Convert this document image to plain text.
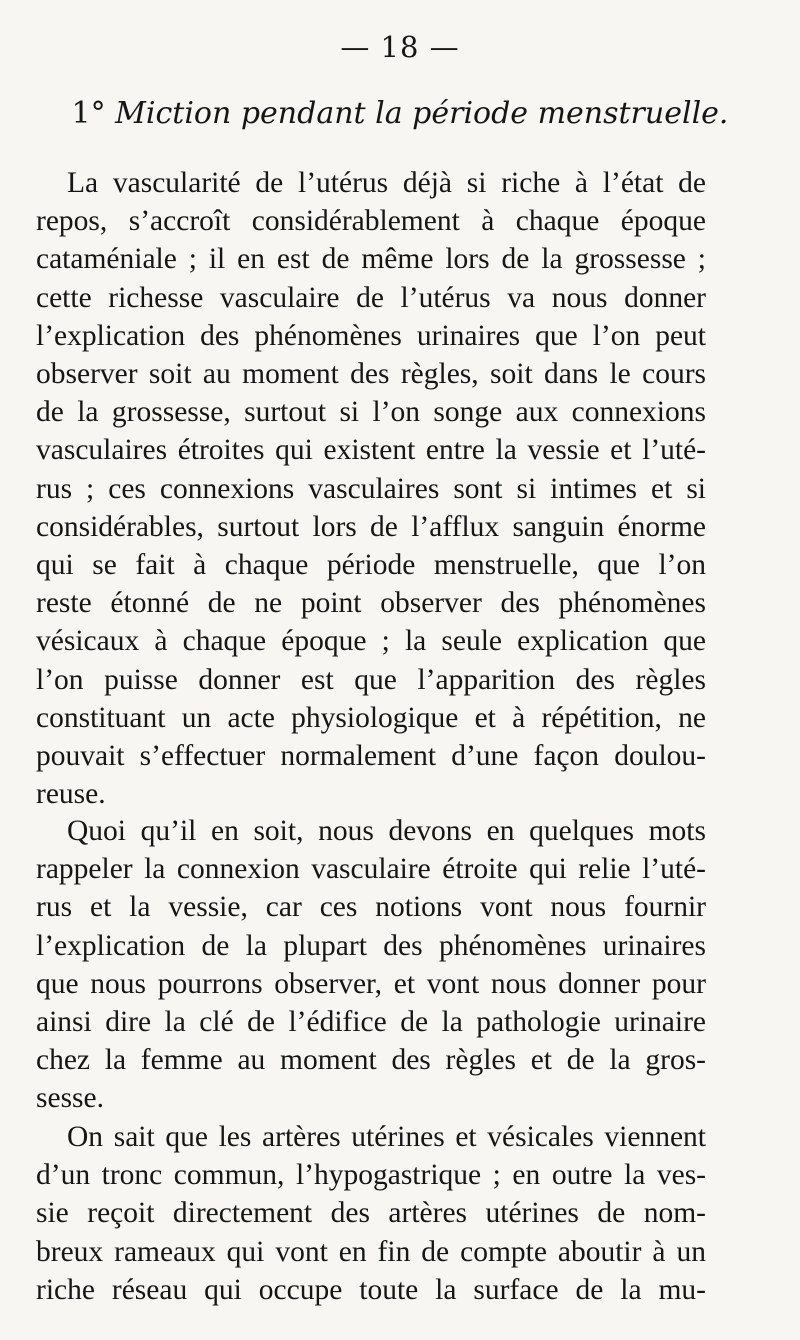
— 18 —
1° Miction pendant la période menstruelle.
La vascularité de l’utérus déjà si riche à l’état de
repos, s’accroît considérablement à chaque époque
cataméniale ; il en est de même lors de la grossesse ;
cette richesse vasculaire de l’utérus va nous donner
l’explication des phénomènes urinaires que l’on peut
observer soit au moment des règles, soit dans le cours
de la grossesse, surtout si l’on songe aux connexions
vasculaires étroites qui existent entre la vessie et l’uté-
rus ; ces connexions vasculaires sont si intimes et si
considérables, surtout lors de l’afflux sanguin énorme
qui se fait à chaque période menstruelle, que l’on
reste étonné de ne point observer des phénomènes
vésicaux à chaque époque ; la seule explication que
l’on puisse donner est que l’apparition des règles
constituant un acte physiologique et à répétition, ne
pouvait s’effectuer normalement d’une façon doulou-
reuse.
Quoi qu’il en soit, nous devons en quelques mots
rappeler la connexion vasculaire étroite qui relie l’uté-
rus et la vessie, car ces notions vont nous fournir
l’explication de la plupart des phénomènes urinaires
que nous pourrons observer, et vont nous donner pour
ainsi dire la clé de l’édifice de la pathologie urinaire
chez la femme au moment des règles et de la gros-
sesse.
On sait que les artères utérines et vésicales viennent
d’un tronc commun, l’hypogastrique ; en outre la ves-
sie reçoit directement des artères utérines de nom-
breux rameaux qui vont en fin de compte aboutir à un
riche réseau qui occupe toute la surface de la mu-
